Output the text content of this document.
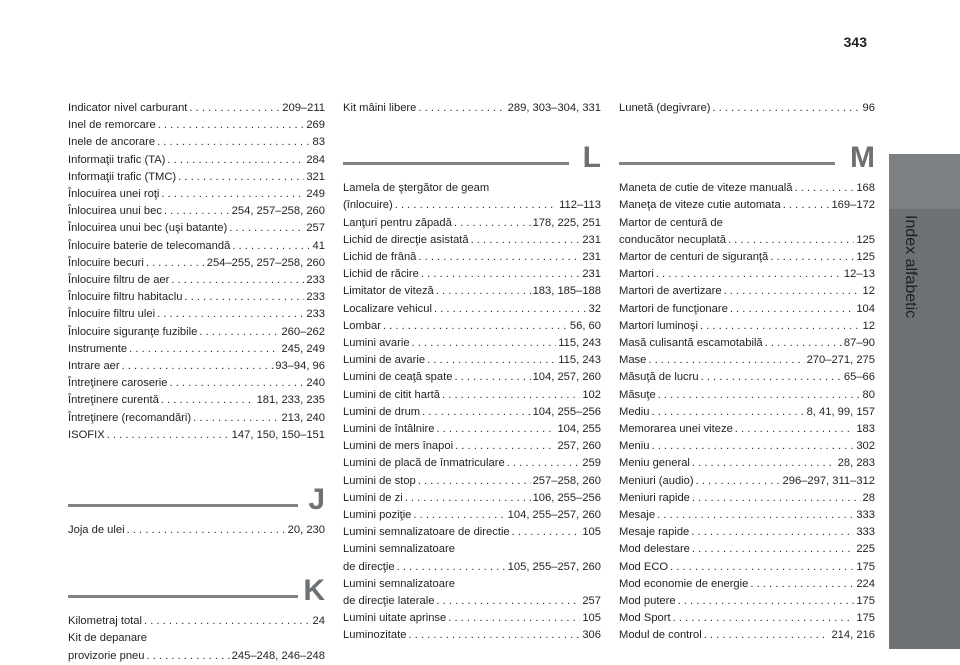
343
Index alfabetic
Indicator nivel carburant . . .	209–211
Inel de remorcare . . .	269
Inele de ancorare . . .	83
Informaţii trafic (TA) . . .	284
Informaţii trafic (TMC) . . .	321
Înlocuirea unei roţi . . .	249
Înlocuirea unui bec . . .	254, 257–258, 260
Înlocuirea unui bec (uşi batante) . . .	257
Înlocuire baterie de telecomandă . . .	41
Înlocuire becuri . . .	254–255, 257–258, 260
Înlocuire filtru de aer . . .	233
Înlocuire filtru habitaclu . . .	233
Înlocuire filtru ulei . . .	233
Înlocuire siguranţe fuzibile . . .	260–262
Instrumente . . .	245, 249
Intrare aer . . .	93–94, 96
Întreţinere caroserie . . .	240
Întreţinere curentă . . .	181, 233, 235
Întreţinere (recomandări) . . .	213, 240
ISOFIX . . .	147, 150, 150–151
J
Joja de ulei . . .	20, 230
K
Kilometraj total . . .	24
Kit de depanare
provizorie pneu . . .	245–248, 246–248
Kit mâini libere . . .	289, 303–304, 331
L
Lamela de ştergător de geam
(înlocuire) . . .	112–113
Lanţuri pentru zăpadă . . .	178, 225, 251
Lichid de direcţie asistată . . .	231
Lichid de frână . . .	231
Lichid de răcire . . .	231
Limitator de viteză . . .	183, 185–188
Localizare vehicul . . .	32
Lombar . . .	56, 60
Lumini avarie . . .	115, 243
Lumini de avarie . . .	115, 243
Lumini de ceaţă spate . . .	104, 257, 260
Lumini de citit hartă . . .	102
Lumini de drum . . .	104, 255–256
Lumini de întâlnire . . .	104, 255
Lumini de mers înapoi . . .	257, 260
Lumini de placă de înmatriculare . . .	259
Lumini de stop . . .	257–258, 260
Lumini de zi . . .	106, 255–256
Lumini poziţie . . .	104, 255–257, 260
Lumini semnalizatoare de directie . . .	105
Lumini semnalizatoare
de direcţie . . .	105, 255–257, 260
Lumini semnalizatoare
de direcţie laterale . . .	257
Lumini uitate aprinse . . .	105
Luminozitate . . .	306
Lunetă (degivrare) . . .	96
M
Maneta de cutie de viteze manuală . . .	168
Maneţa de viteze cutie automata . . .	169–172
Martor de centură de
conducător necuplată . . .	125
Martor de centuri de siguranţă . . .	125
Martori . . .	12–13
Martori de avertizare . . .	12
Martori de funcţionare . . .	104
Martori luminoşi . . .	12
Masă culisantă escamotabilă . . .	87–90
Mase . . .	270–271, 275
Măsuţă de lucru . . .	65–66
Măsuţe . . .	80
Mediu . . .	8, 41, 99, 157
Memorarea unei viteze . . .	183
Meniu . . .	302
Meniu general . . .	28, 283
Meniuri (audio) . . .	296–297, 311–312
Meniuri rapide . . .	28
Mesaje . . .	333
Mesaje rapide . . .	333
Mod delestare . . .	225
Mod ECO . . .	175
Mod economie de energie . . .	224
Mod putere . . .	175
Mod Sport . . .	175
Modul de control . . .	214, 216
